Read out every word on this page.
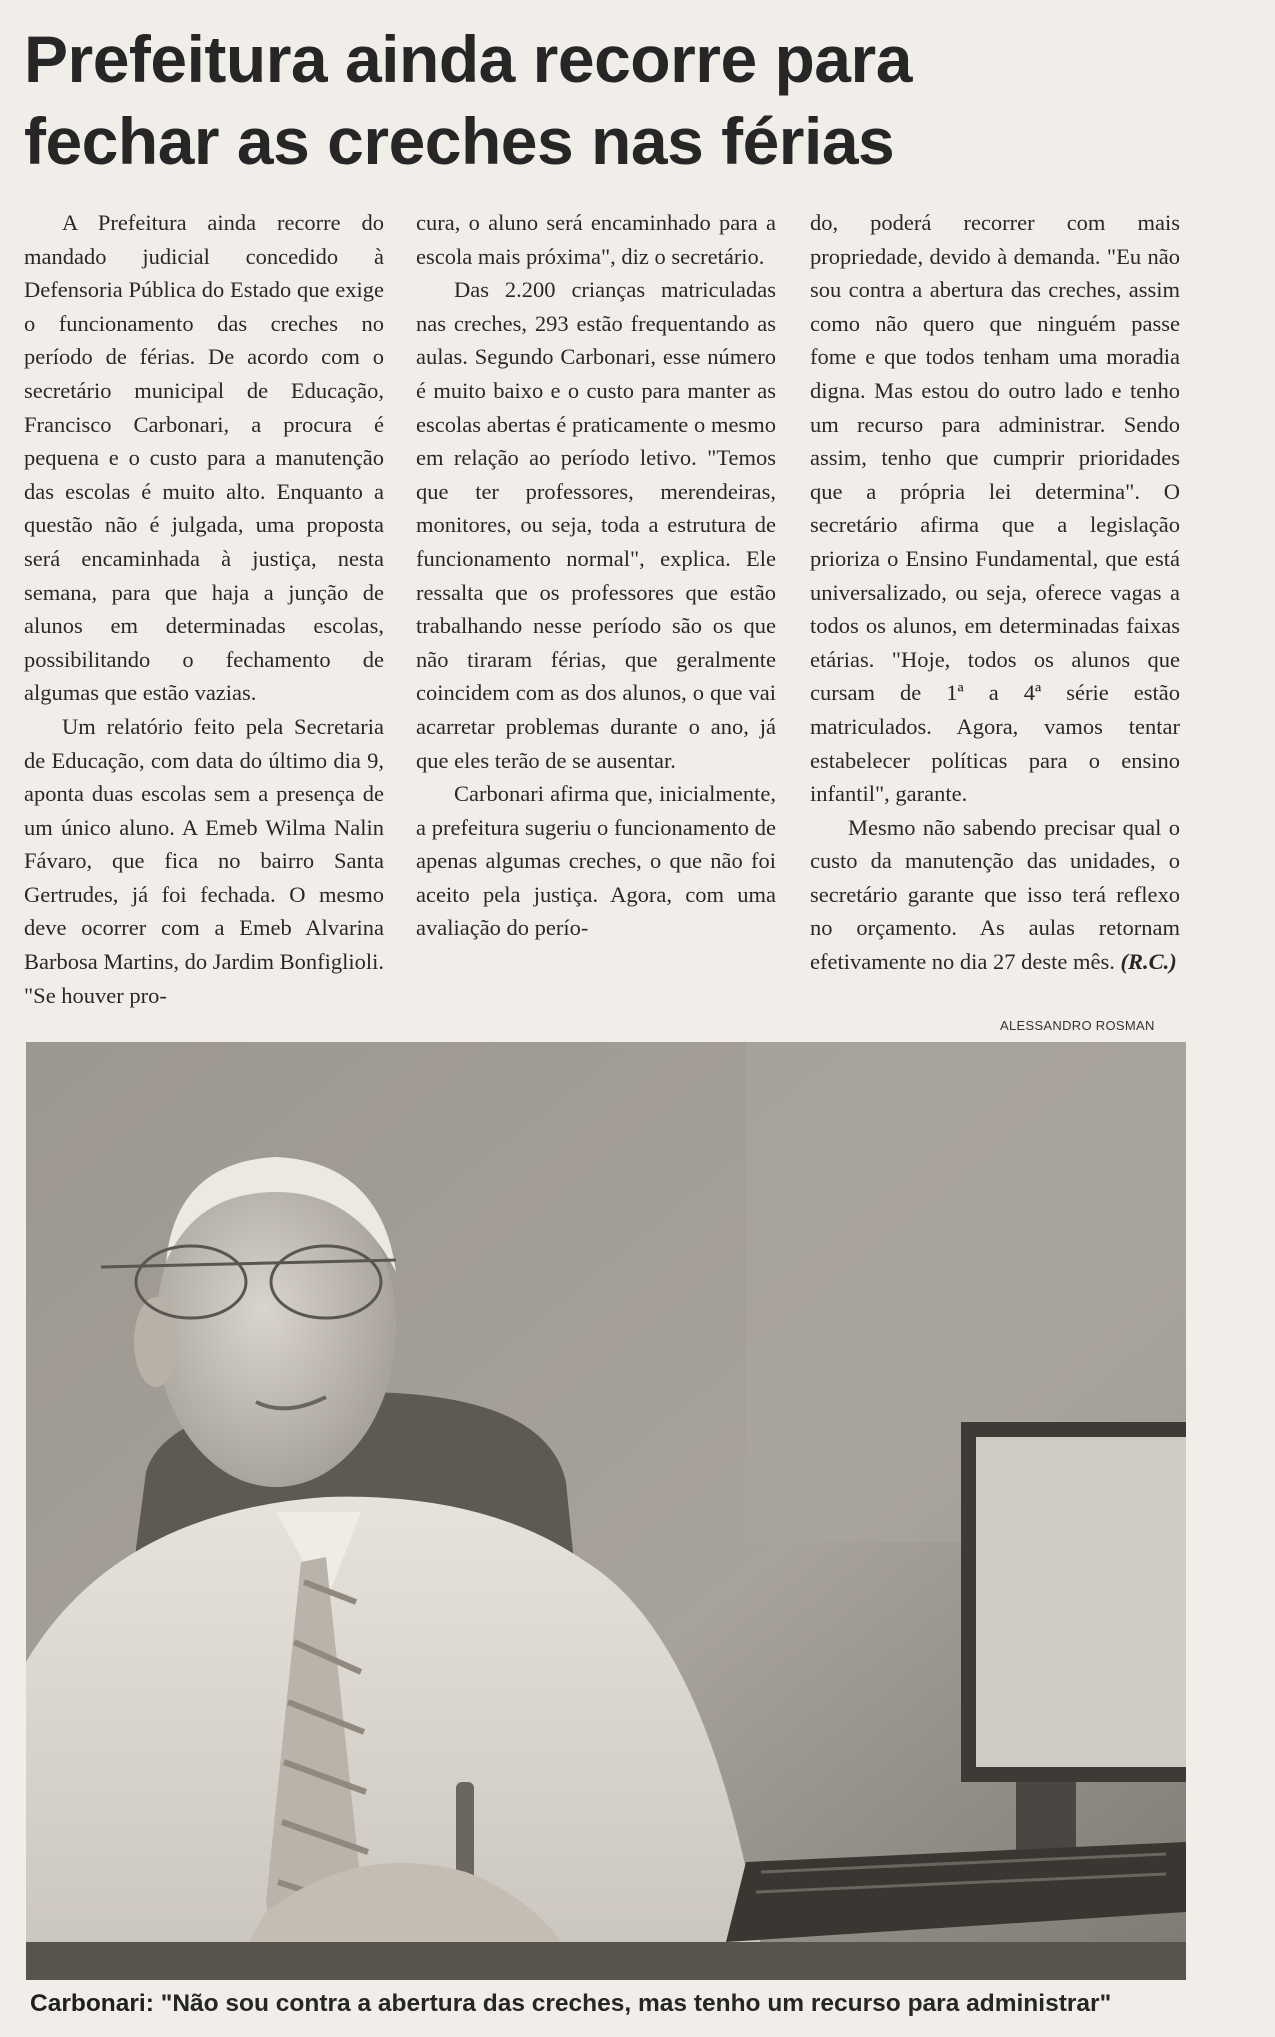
Prefeitura ainda recorre para
fechar as creches nas férias

A Prefeitura ainda recorre do mandado judicial concedido à Defensoria Pública do Estado que exige o funcionamento das creches no período de férias. De acordo com o secretário municipal de Educação, Francisco Carbonari, a procura é pequena e o custo para a manutenção das escolas é muito alto. Enquanto a questão não é julgada, uma proposta será encaminhada à justiça, nesta semana, para que haja a junção de alunos em determinadas escolas, possibilitando o fechamento de algumas que estão vazias.

Um relatório feito pela Secretaria de Educação, com data do último dia 9, aponta duas escolas sem a presença de um único aluno. A Emeb Wilma Nalin Fávaro, que fica no bairro Santa Gertrudes, já foi fechada. O mesmo deve ocorrer com a Emeb Alvarina Barbosa Martins, do Jardim Bonfiglioli. "Se houver pro-

cura, o aluno será encaminhado para a escola mais próxima", diz o secretário.

Das 2.200 crianças matriculadas nas creches, 293 estão frequentando as aulas. Segundo Carbonari, esse número é muito baixo e o custo para manter as escolas abertas é praticamente o mesmo em relação ao período letivo. "Temos que ter professores, merendeiras, monitores, ou seja, toda a estrutura de funcionamento normal", explica. Ele ressalta que os professores que estão trabalhando nesse período são os que não tiraram férias, que geralmente coincidem com as dos alunos, o que vai acarretar problemas durante o ano, já que eles terão de se ausentar.

Carbonari afirma que, inicialmente, a prefeitura sugeriu o funcionamento de apenas algumas creches, o que não foi aceito pela justiça. Agora, com uma avaliação do perío-

do, poderá recorrer com mais propriedade, devido à demanda. "Eu não sou contra a abertura das creches, assim como não quero que ninguém passe fome e que todos tenham uma moradia digna. Mas estou do outro lado e tenho um recurso para administrar. Sendo assim, tenho que cumprir prioridades que a própria lei determina". O secretário afirma que a legislação prioriza o Ensino Fundamental, que está universalizado, ou seja, oferece vagas a todos os alunos, em determinadas faixas etárias. "Hoje, todos os alunos que cursam de 1ª a 4ª série estão matriculados. Agora, vamos tentar estabelecer políticas para o ensino infantil", garante.

Mesmo não sabendo precisar qual o custo da manutenção das unidades, o secretário garante que isso terá reflexo no orçamento. As aulas retornam efetivamente no dia 27 deste mês. (R.C.)

ALESSANDRO ROSMAN
Carbonari: "Não sou contra a abertura das creches, mas tenho um recurso para administrar"
